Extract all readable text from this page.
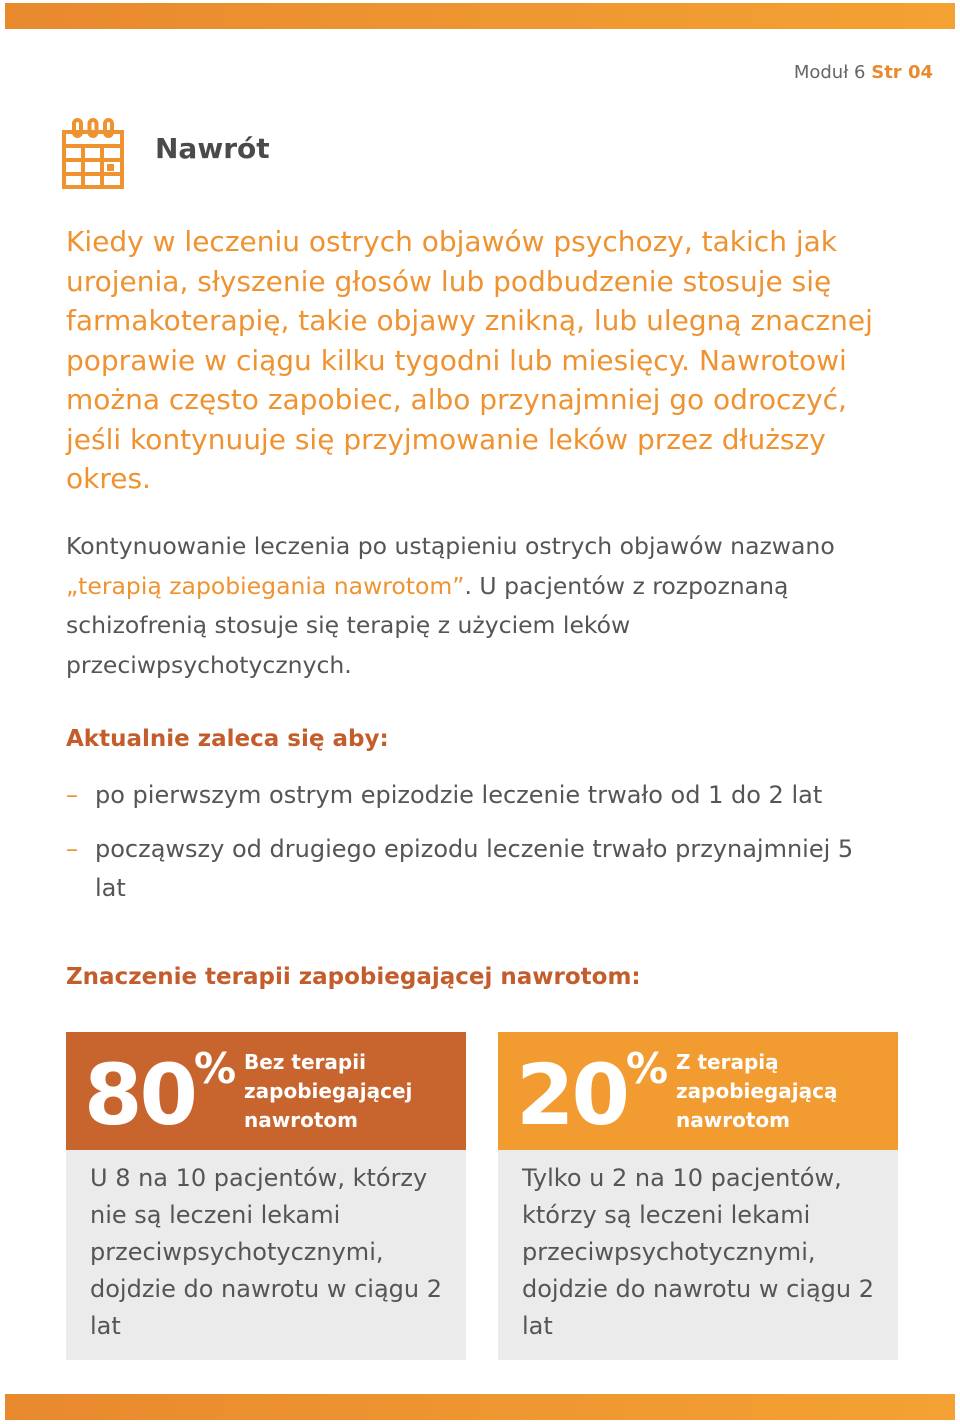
Moduł 6 Str 04
Nawrót
Kiedy w leczeniu ostrych objawów psychozy, takich jak urojenia, słyszenie głosów lub podbudzenie stosuje się farmakoterapię, takie objawy znikną, lub ulegną znacznej poprawie w ciągu kilku tygodni lub miesięcy. Nawrotowi można często zapobiec, albo przynajmniej go odroczyć, jeśli kontynuuje się przyjmowanie leków przez dłuższy okres.
Kontynuowanie leczenia po ustąpieniu ostrych objawów nazwano „terapią zapobiegania nawrotom”. U pacjentów z rozpoznaną schizofrenią stosuje się terapię z użyciem leków przeciwpsychotycznych.
Aktualnie zaleca się aby:
– po pierwszym ostrym epizodzie leczenie trwało od 1 do 2 lat
– począwszy od drugiego epizodu leczenie trwało przynajmniej 5 lat
Znaczenie terapii zapobiegającej nawrotom:
80 % Bez terapii zapobiegającej nawrotom
U 8 na 10 pacjentów, którzy nie są leczeni lekami przeciwpsychotycznymi, dojdzie do nawrotu w ciągu 2 lat
20 % Z terapią zapobiegającą nawrotom
Tylko u 2 na 10 pacjentów, którzy są leczeni lekami przeciwpsychotycznymi, dojdzie do nawrotu w ciągu 2 lat
